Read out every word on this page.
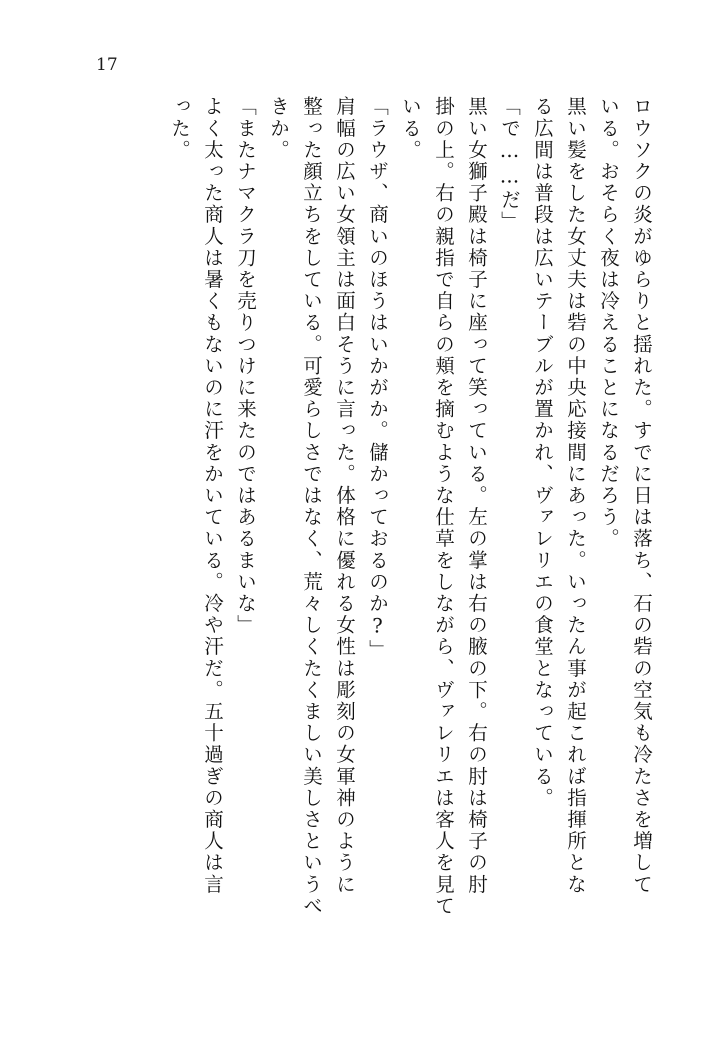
17
ロウソクの炎がゆらりと揺れた。すでに日は落ち、石の砦の空気も冷たさを増して
いる。おそらく夜は冷えることになるだろう。
黒い髪をした女丈夫は砦の中央応接間にあった。いったん事が起これば指揮所とな
る広間は普段は広いテーブルが置かれ、ヴァレリエの食堂となっている。
「で……だ」
黒い女獅子殿は椅子に座って笑っている。左の掌は右の腋の下。右の肘は椅子の肘
掛の上。右の親指で自らの頬を摘むような仕草をしながら、ヴァレリエは客人を見て
いる。
「ラウザ、商いのほうはいかがか。儲かっておるのか?」
肩幅の広い女領主は面白そうに言った。体格に優れる女性は彫刻の女軍神のように
整った顔立ちをしている。可愛らしさではなく、荒々しくたくましい美しさというべ
きか。
「またナマクラ刀を売りつけに来たのではあるまいな」
よく太った商人は暑くもないのに汗をかいている。冷や汗だ。五十過ぎの商人は言
った。
